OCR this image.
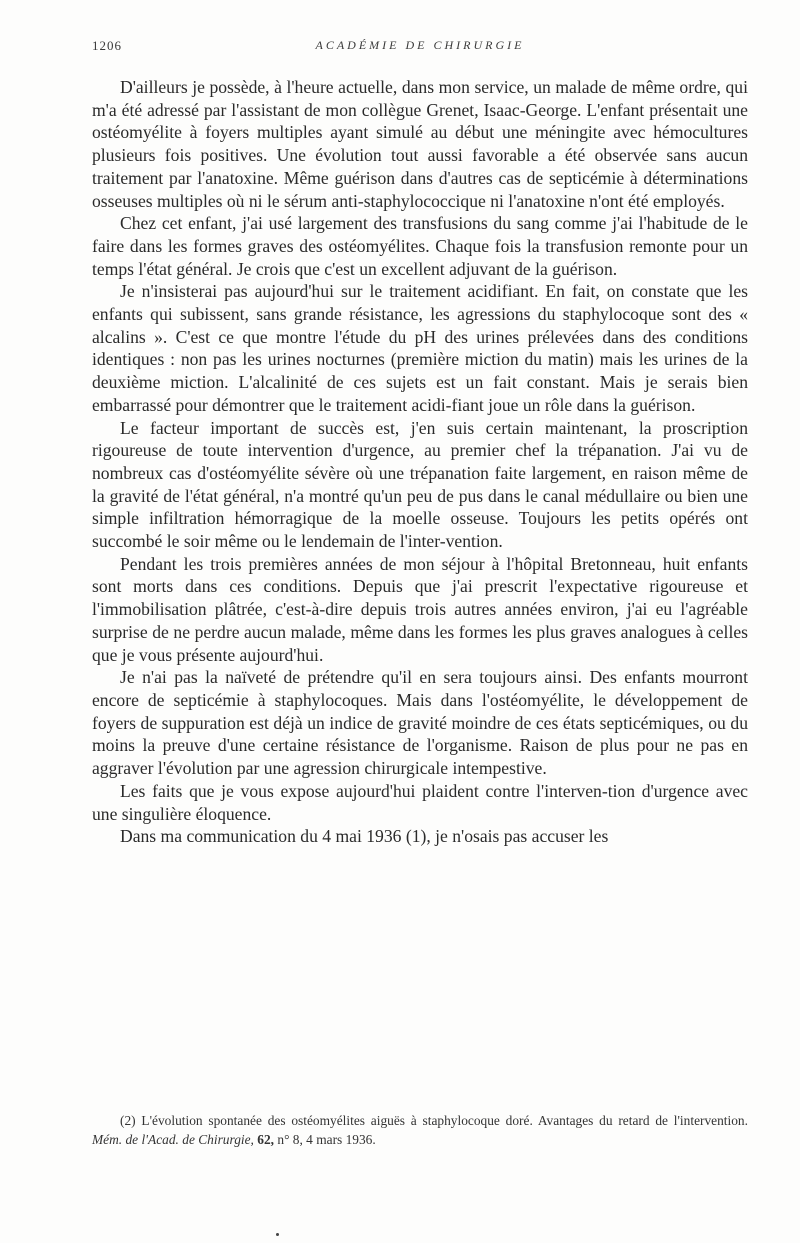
1206	ACADÉMIE DE CHIRURGIE

D'ailleurs je possède, à l'heure actuelle, dans mon service, un malade de même ordre, qui m'a été adressé par l'assistant de mon collègue Grenet, Isaac-George. L'enfant présentait une ostéomyélite à foyers multiples ayant simulé au début une méningite avec hémocultures plusieurs fois positives. Une évolution tout aussi favorable a été observée sans aucun traitement par l'anatoxine. Même guérison dans d'autres cas de septicémie à déterminations osseuses multiples où ni le sérum anti-staphylococcique ni l'anatoxine n'ont été employés.

Chez cet enfant, j'ai usé largement des transfusions du sang comme j'ai l'habitude de le faire dans les formes graves des ostéomyélites. Chaque fois la transfusion remonte pour un temps l'état général. Je crois que c'est un excellent adjuvant de la guérison.

Je n'insisterai pas aujourd'hui sur le traitement acidifiant. En fait, on constate que les enfants qui subissent, sans grande résistance, les agressions du staphylocoque sont des « alcalins ». C'est ce que montre l'étude du pH des urines prélevées dans des conditions identiques : non pas les urines nocturnes (première miction du matin) mais les urines de la deuxième miction. L'alcalinité de ces sujets est un fait constant. Mais je serais bien embarrassé pour démontrer que le traitement acidi-fiant joue un rôle dans la guérison.

Le facteur important de succès est, j'en suis certain maintenant, la proscription rigoureuse de toute intervention d'urgence, au premier chef la trépanation. J'ai vu de nombreux cas d'ostéomyélite sévère où une trépanation faite largement, en raison même de la gravité de l'état général, n'a montré qu'un peu de pus dans le canal médullaire ou bien une simple infiltration hémorragique de la moelle osseuse. Toujours les petits opérés ont succombé le soir même ou le lendemain de l'inter-vention.

Pendant les trois premières années de mon séjour à l'hôpital Bretonneau, huit enfants sont morts dans ces conditions. Depuis que j'ai prescrit l'expectative rigoureuse et l'immobilisation plâtrée, c'est-à-dire depuis trois autres années environ, j'ai eu l'agréable surprise de ne perdre aucun malade, même dans les formes les plus graves analogues à celles que je vous présente aujourd'hui.

Je n'ai pas la naïveté de prétendre qu'il en sera toujours ainsi. Des enfants mourront encore de septicémie à staphylocoques. Mais dans l'ostéomyélite, le développement de foyers de suppuration est déjà un indice de gravité moindre de ces états septicémiques, ou du moins la preuve d'une certaine résistance de l'organisme. Raison de plus pour ne pas en aggraver l'évolution par une agression chirurgicale intempestive.

Les faits que je vous expose aujourd'hui plaident contre l'interven-tion d'urgence avec une singulière éloquence.

Dans ma communication du 4 mai 1936 (1), je n'osais pas accuser les

(2) L'évolution spontanée des ostéomyélites aiguës à staphylocoque doré. Avantages du retard de l'intervention. Mém. de l'Acad. de Chirurgie, 62, n° 8, 4 mars 1936.
